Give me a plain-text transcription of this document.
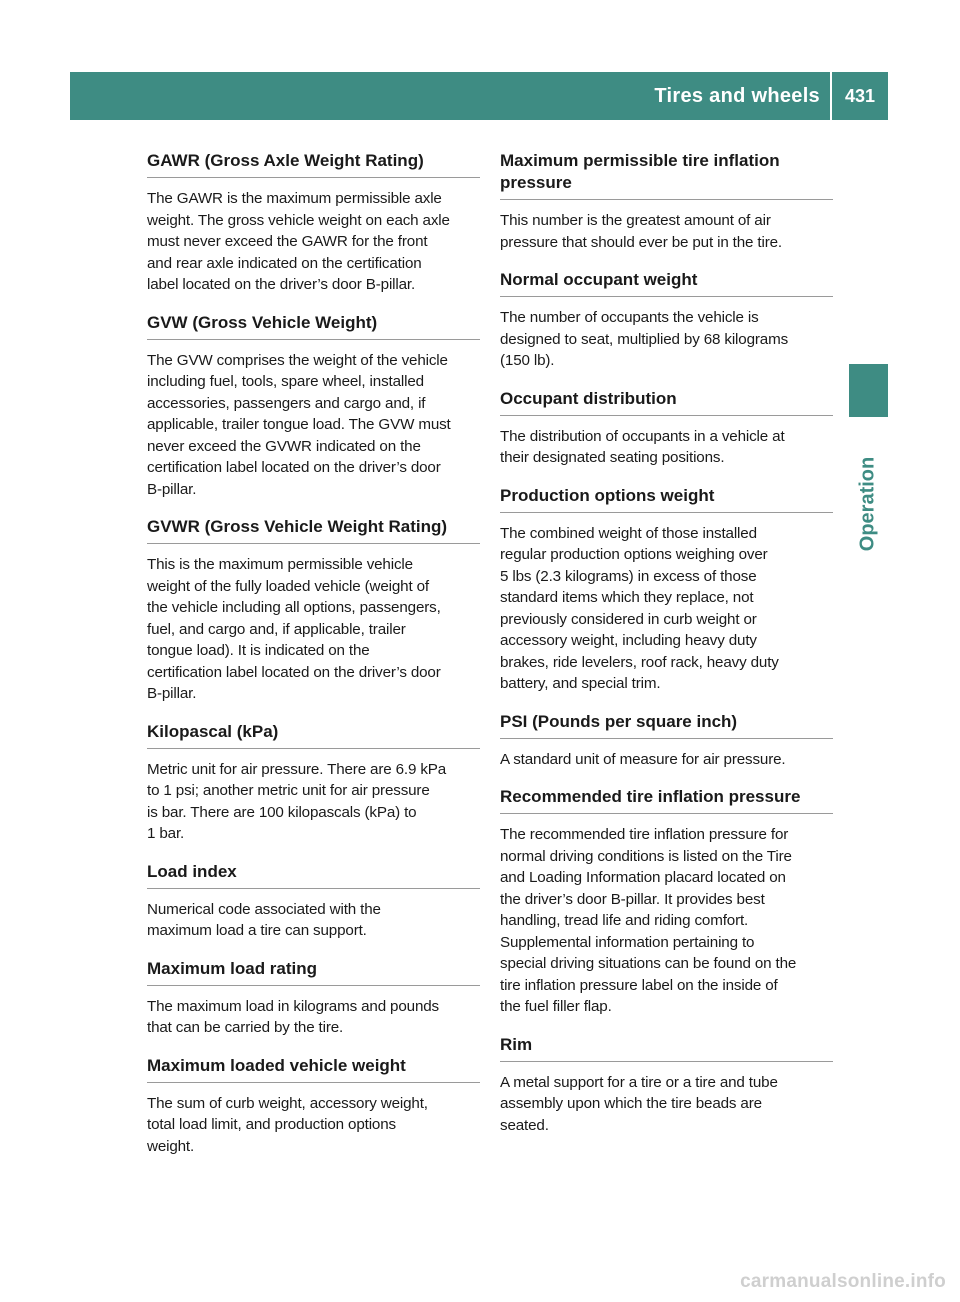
Tires and wheels	431
Operation
GAWR (Gross Axle Weight Rating)

The GAWR is the maximum permissible axle
weight. The gross vehicle weight on each axle
must never exceed the GAWR for the front
and rear axle indicated on the certification
label located on the driver’s door B-pillar.

GVW (Gross Vehicle Weight)

The GVW comprises the weight of the vehicle
including fuel, tools, spare wheel, installed
accessories, passengers and cargo and, if
applicable, trailer tongue load. The GVW must
never exceed the GVWR indicated on the
certification label located on the driver’s door
B-pillar.

GVWR (Gross Vehicle Weight Rating)

This is the maximum permissible vehicle
weight of the fully loaded vehicle (weight of
the vehicle including all options, passengers,
fuel, and cargo and, if applicable, trailer
tongue load). It is indicated on the
certification label located on the driver’s door
B-pillar.

Kilopascal (kPa)

Metric unit for air pressure. There are 6.9 kPa
to 1 psi; another metric unit for air pressure
is bar. There are 100 kilopascals (kPa) to
1 bar.

Load index

Numerical code associated with the
maximum load a tire can support.

Maximum load rating

The maximum load in kilograms and pounds
that can be carried by the tire.

Maximum loaded vehicle weight

The sum of curb weight, accessory weight,
total load limit, and production options
weight.

Maximum permissible tire inflation
pressure

This number is the greatest amount of air
pressure that should ever be put in the tire.

Normal occupant weight

The number of occupants the vehicle is
designed to seat, multiplied by 68 kilograms
(150 lb).

Occupant distribution

The distribution of occupants in a vehicle at
their designated seating positions.

Production options weight

The combined weight of those installed
regular production options weighing over
5 lbs (2.3 kilograms) in excess of those
standard items which they replace, not
previously considered in curb weight or
accessory weight, including heavy duty
brakes, ride levelers, roof rack, heavy duty
battery, and special trim.

PSI (Pounds per square inch)

A standard unit of measure for air pressure.

Recommended tire inflation pressure

The recommended tire inflation pressure for
normal driving conditions is listed on the Tire
and Loading Information placard located on
the driver’s door B-pillar. It provides best
handling, tread life and riding comfort.
Supplemental information pertaining to
special driving situations can be found on the
tire inflation pressure label on the inside of
the fuel filler flap.

Rim

A metal support for a tire or a tire and tube
assembly upon which the tire beads are
seated.

carmanualsonline.info
